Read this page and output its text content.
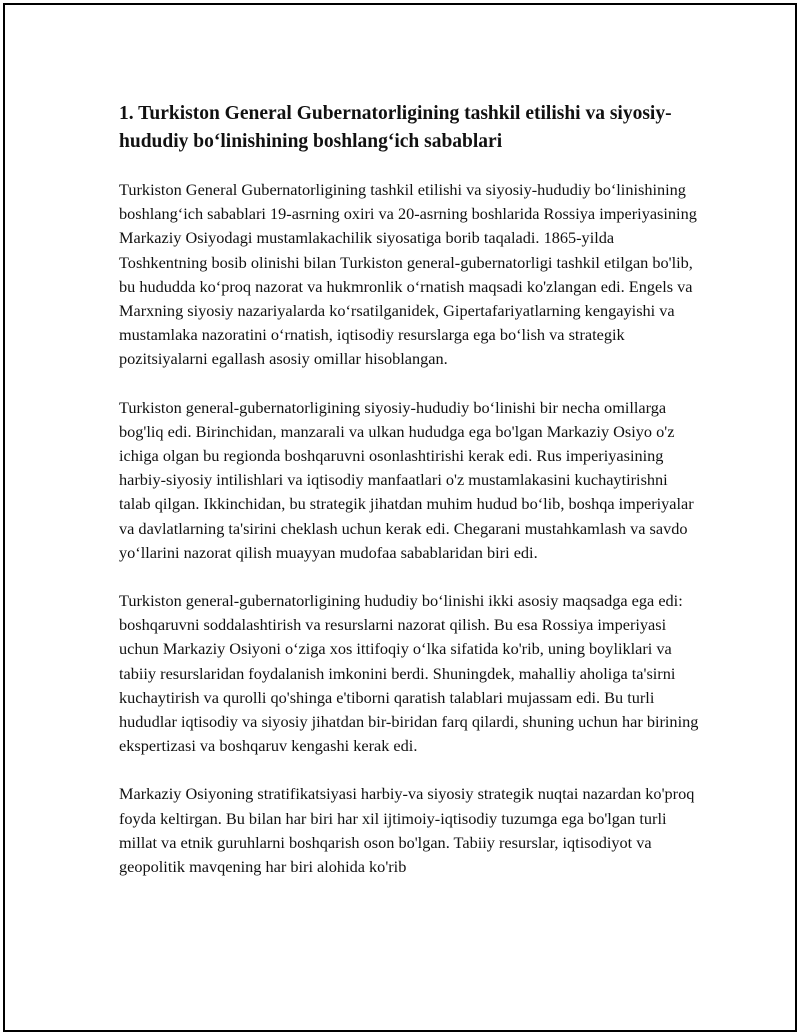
1. Turkiston General Gubernatorligining tashkil etilishi va siyosiy-hududiy bo‘linishining boshlang‘ich sabablari

Turkiston General Gubernatorligining tashkil etilishi va siyosiy-hududiy bo‘linishining boshlang‘ich sabablari 19-asrning oxiri va 20-asrning boshlarida Rossiya imperiyasining Markaziy Osiyodagi mustamlakachilik siyosatiga borib taqaladi. 1865-yilda Toshkentning bosib olinishi bilan Turkiston general-gubernatorligi tashkil etilgan bo'lib, bu hududda ko‘proq nazorat va hukmronlik o‘rnatish maqsadi ko'zlangan edi. Engels va Marxning siyosiy nazariyalarda ko‘rsatilganidek, Gipertafariyatlarning kengayishi va mustamlaka nazoratini o‘rnatish, iqtisodiy resurslarga ega bo‘lish va strategik pozitsiyalarni egallash asosiy omillar hisoblangan.

Turkiston general-gubernatorligining siyosiy-hududiy bo‘linishi bir necha omillarga bog'liq edi. Birinchidan, manzarali va ulkan hududga ega bo'lgan Markaziy Osiyo o'z ichiga olgan bu regionda boshqaruvni osonlashtirishi kerak edi. Rus imperiyasining harbiy-siyosiy intilishlari va iqtisodiy manfaatlari o'z mustamlakasini kuchaytirishni talab qilgan. Ikkinchidan, bu strategik jihatdan muhim hudud bo‘lib, boshqa imperiyalar va davlatlarning ta'sirini cheklash uchun kerak edi. Chegarani mustahkamlash va savdo yo‘llarini nazorat qilish muayyan mudofaa sabablaridan biri edi.

Turkiston general-gubernatorligining hududiy bo‘linishi ikki asosiy maqsadga ega edi: boshqaruvni soddalashtirish va resurslarni nazorat qilish. Bu esa Rossiya imperiyasi uchun Markaziy Osiyoni o‘ziga xos ittifoqiy o‘lka sifatida ko'rib, uning boyliklari va tabiiy resurslaridan foydalanish imkonini berdi. Shuningdek, mahalliy aholiga ta'sirni kuchaytirish va qurolli qo'shinga e'tiborni qaratish talablari mujassam edi. Bu turli hududlar iqtisodiy va siyosiy jihatdan bir-biridan farq qilardi, shuning uchun har birining ekspertizasi va boshqaruv kengashi kerak edi.

Markaziy Osiyoning stratifikatsiyasi harbiy-va siyosiy strategik nuqtai nazardan ko'proq foyda keltirgan. Bu bilan har biri har xil ijtimoiy-iqtisodiy tuzumga ega bo'lgan turli millat va etnik guruhlarni boshqarish oson bo'lgan. Tabiiy resurslar, iqtisodiyot va geopolitik mavqening har biri alohida ko'rib
